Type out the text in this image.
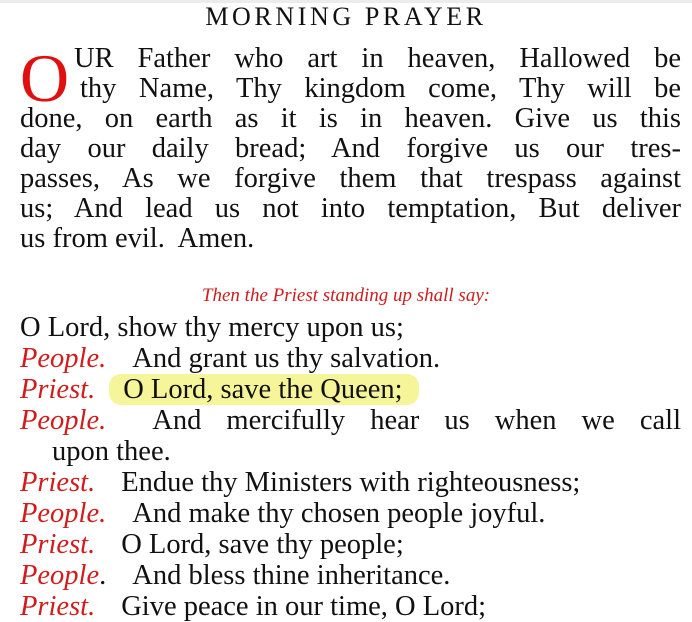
MORNING PRAYER
O UR Father who art in heaven, Hallowed be
thy Name, Thy kingdom come, Thy will be
done, on earth as it is in heaven. Give us this
day our daily bread; And forgive us our tres-
passes, As we forgive them that trespass against
us; And lead us not into temptation, But deliver
us from evil.  Amen.
Then the Priest standing up shall say:
O Lord, show thy mercy upon us;
People. And grant us thy salvation.
Priest. O Lord, save the Queen;
People.	And mercifully hear us when we call
upon thee.
Priest. Endue thy Ministers with righteousness;
People. And make thy chosen people joyful.
Priest. O Lord, save thy people;
People. And bless thine inheritance.
Priest. Give peace in our time, O Lord;
